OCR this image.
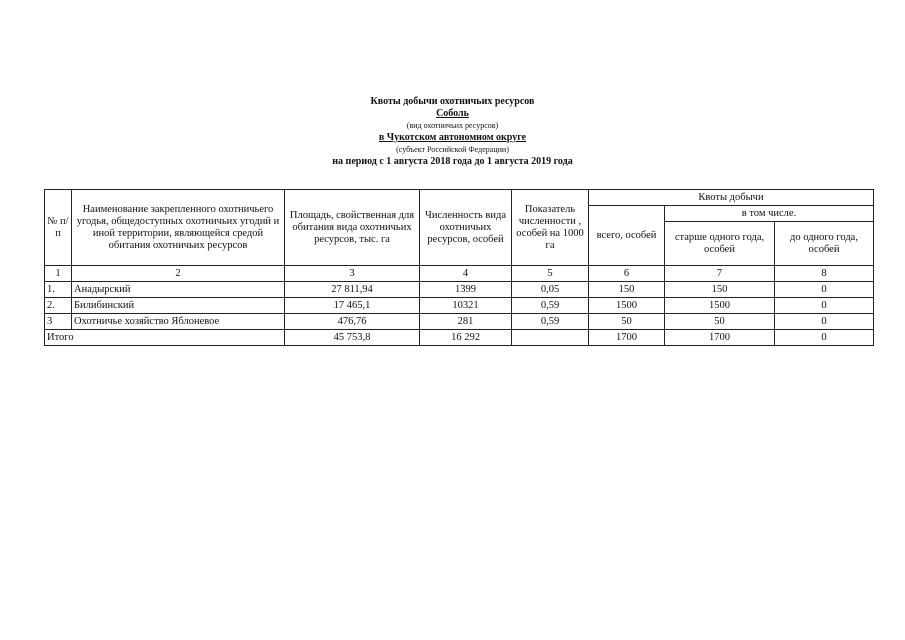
Квоты добычи охотничьих ресурсов
Соболь
(вид охотничьих ресурсов)
в Чукотском автономном округе
(субъект Российской Федерации)
на период с 1 августа 2018 года до 1 августа 2019 года
№ п/п	Наименование закрепленного охотничьего угодья, общедоступных охотничьих угодий и иной территории, являющейся средой обитания охотничьих ресурсов	Площадь, свойственная для обитания вида охотничьих ресурсов, тыс. га	Численность вида охотничьих ресурсов, особей	Показатель численности , особей на 1000 га	Квоты добычи		
					всего, особей	в том числе.	
						старше одного года, особей	до одного года, особей
1	2	3	4	5	6	7	8
1.	Анадырский	27 811,94	1399	0,05	150	150	0
2.	Билибинский	17 465,1	10321	0,59	1500	1500	0
3	Охотничье хозяйство Яблоневое	476,76	281	0,59	50	50	0
Итого		45 753,8	16 292		1700	1700	0
